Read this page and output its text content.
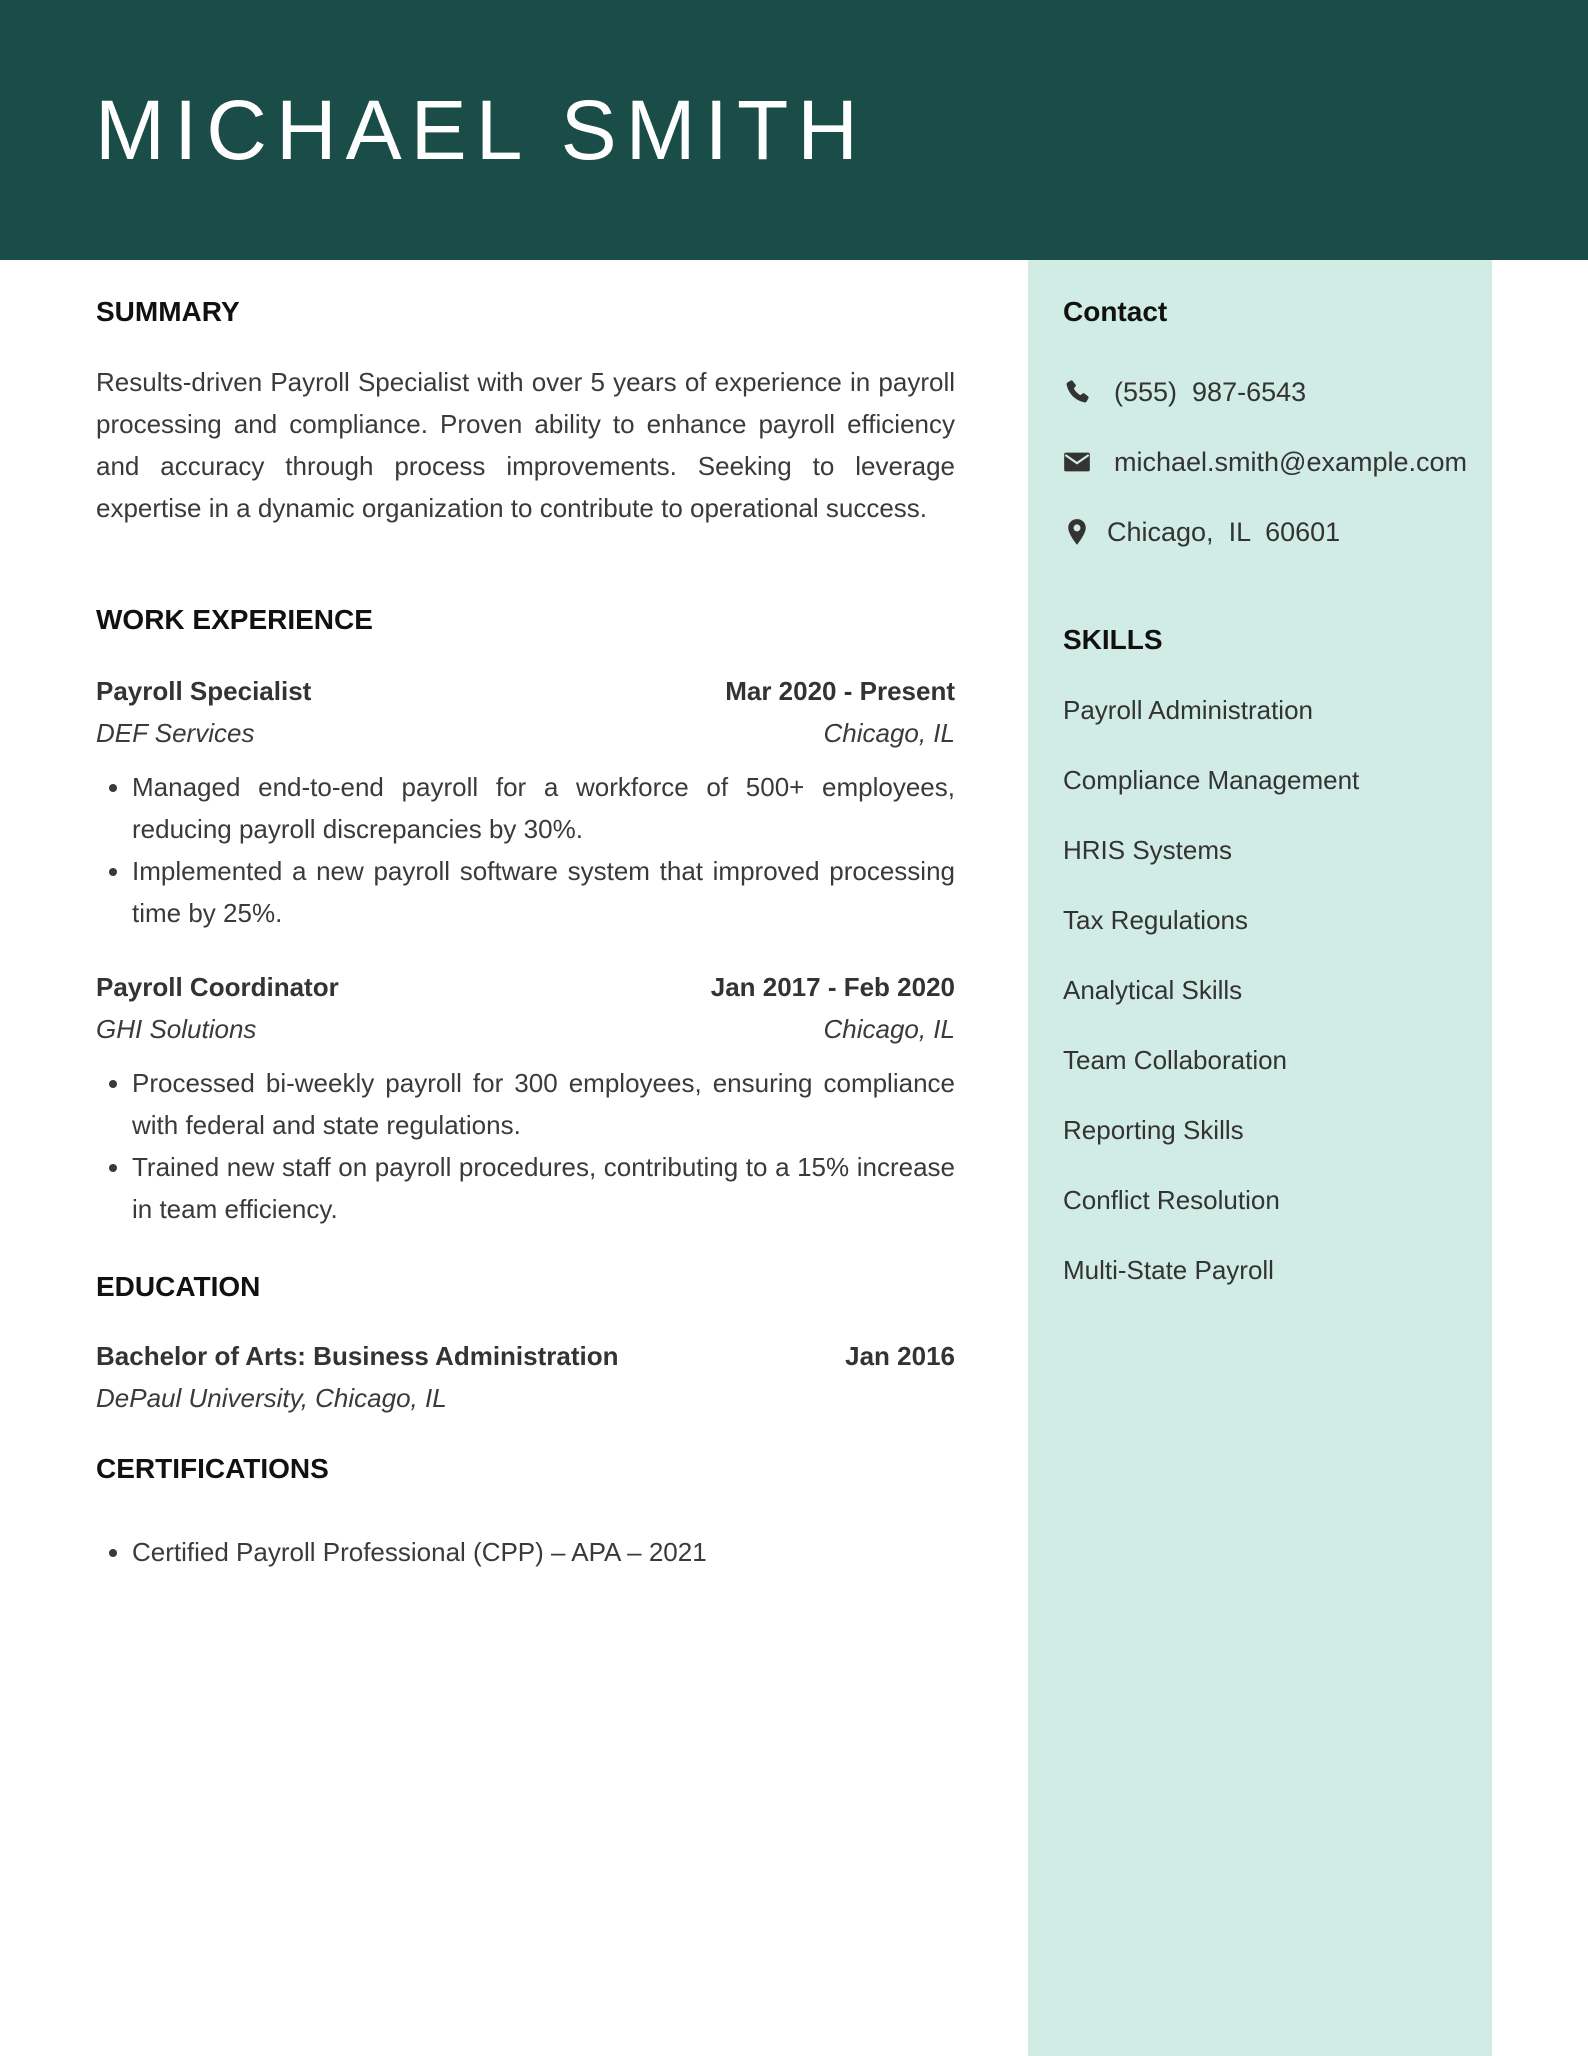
MICHAEL SMITH
SUMMARY
Results-driven Payroll Specialist with over 5 years of experience in payroll processing and compliance. Proven ability to enhance payroll efficiency and accuracy through process improvements. Seeking to leverage expertise in a dynamic organization to contribute to operational success.
WORK EXPERIENCE
Payroll Specialist	Mar 2020 - Present
DEF Services	Chicago, IL
• Managed end-to-end payroll for a workforce of 500+ employees, reducing payroll discrepancies by 30%.
• Implemented a new payroll software system that improved processing time by 25%.
Payroll Coordinator	Jan 2017 - Feb 2020
GHI Solutions	Chicago, IL
• Processed bi-weekly payroll for 300 employees, ensuring compliance with federal and state regulations.
• Trained new staff on payroll procedures, contributing to a 15% increase in team efficiency.
EDUCATION
Bachelor of Arts: Business Administration	Jan 2016
DePaul University, Chicago, IL
CERTIFICATIONS
• Certified Payroll Professional (CPP) – APA – 2021
Contact
(555)  987-6543
michael.smith@example.com
Chicago,  IL  60601
SKILLS
Payroll Administration
Compliance Management
HRIS Systems
Tax Regulations
Analytical Skills
Team Collaboration
Reporting Skills
Conflict Resolution
Multi-State Payroll
